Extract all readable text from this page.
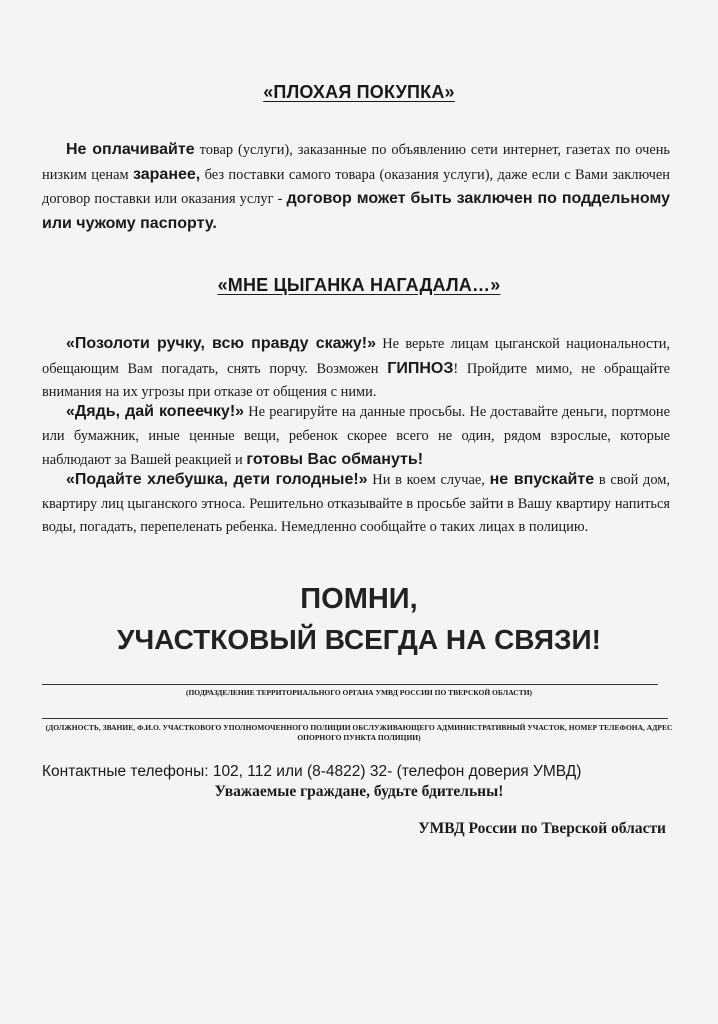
«ПЛОХАЯ ПОКУПКА»
Не оплачивайте товар (услуги), заказанные по объявлению сети интернет, газетах по очень низким ценам заранее, без поставки самого товара (оказания услуги), даже если с Вами заключен договор поставки или оказания услуг - договор может быть заключен по поддельному или чужому паспорту.
«МНЕ ЦЫГАНКА НАГАДАЛА…»
«Позолоти ручку, всю правду скажу!» Не верьте лицам цыганской национальности, обещающим Вам погадать, снять порчу. Возможен ГИПНОЗ! Пройдите мимо, не обращайте внимания на их угрозы при отказе от общения с ними.
«Дядь, дай копеечку!» Не реагируйте на данные просьбы. Не доставайте деньги, портмоне или бумажник, иные ценные вещи, ребенок скорее всего не один, рядом взрослые, которые наблюдают за Вашей реакцией и готовы Вас обмануть!
«Подайте хлебушка, дети голодные!» Ни в коем случае, не впускайте в свой дом, квартиру лиц цыганского этноса. Решительно отказывайте в просьбе зайти в Вашу квартиру напиться воды, погадать, перепеленать ребенка. Немедленно сообщайте о таких лицах в полицию.
ПОМНИ,
УЧАСТКОВЫЙ ВСЕГДА НА СВЯЗИ!
(ПОДРАЗДЕЛЕНИЕ ТЕРРИТОРИАЛЬНОГО ОРГАНА УМВД РОССИИ ПО ТВЕРСКОЙ ОБЛАСТИ)
(ДОЛЖНОСТЬ, ЗВАНИЕ, Ф.И.О. УЧАСТКОВОГО УПОЛНОМОЧЕННОГО ПОЛИЦИИ ОБСЛУЖИВАЮЩЕГО АДМИНИСТРАТИВНЫЙ УЧАСТОК, НОМЕР ТЕЛЕФОНА, АДРЕС ОПОРНОГО ПУНКТА ПОЛИЦИИ)
Контактные телефоны: 102, 112 или (8-4822) 32- (телефон доверия УМВД)
Уважаемые граждане, будьте бдительны!
УМВД России по Тверской области
